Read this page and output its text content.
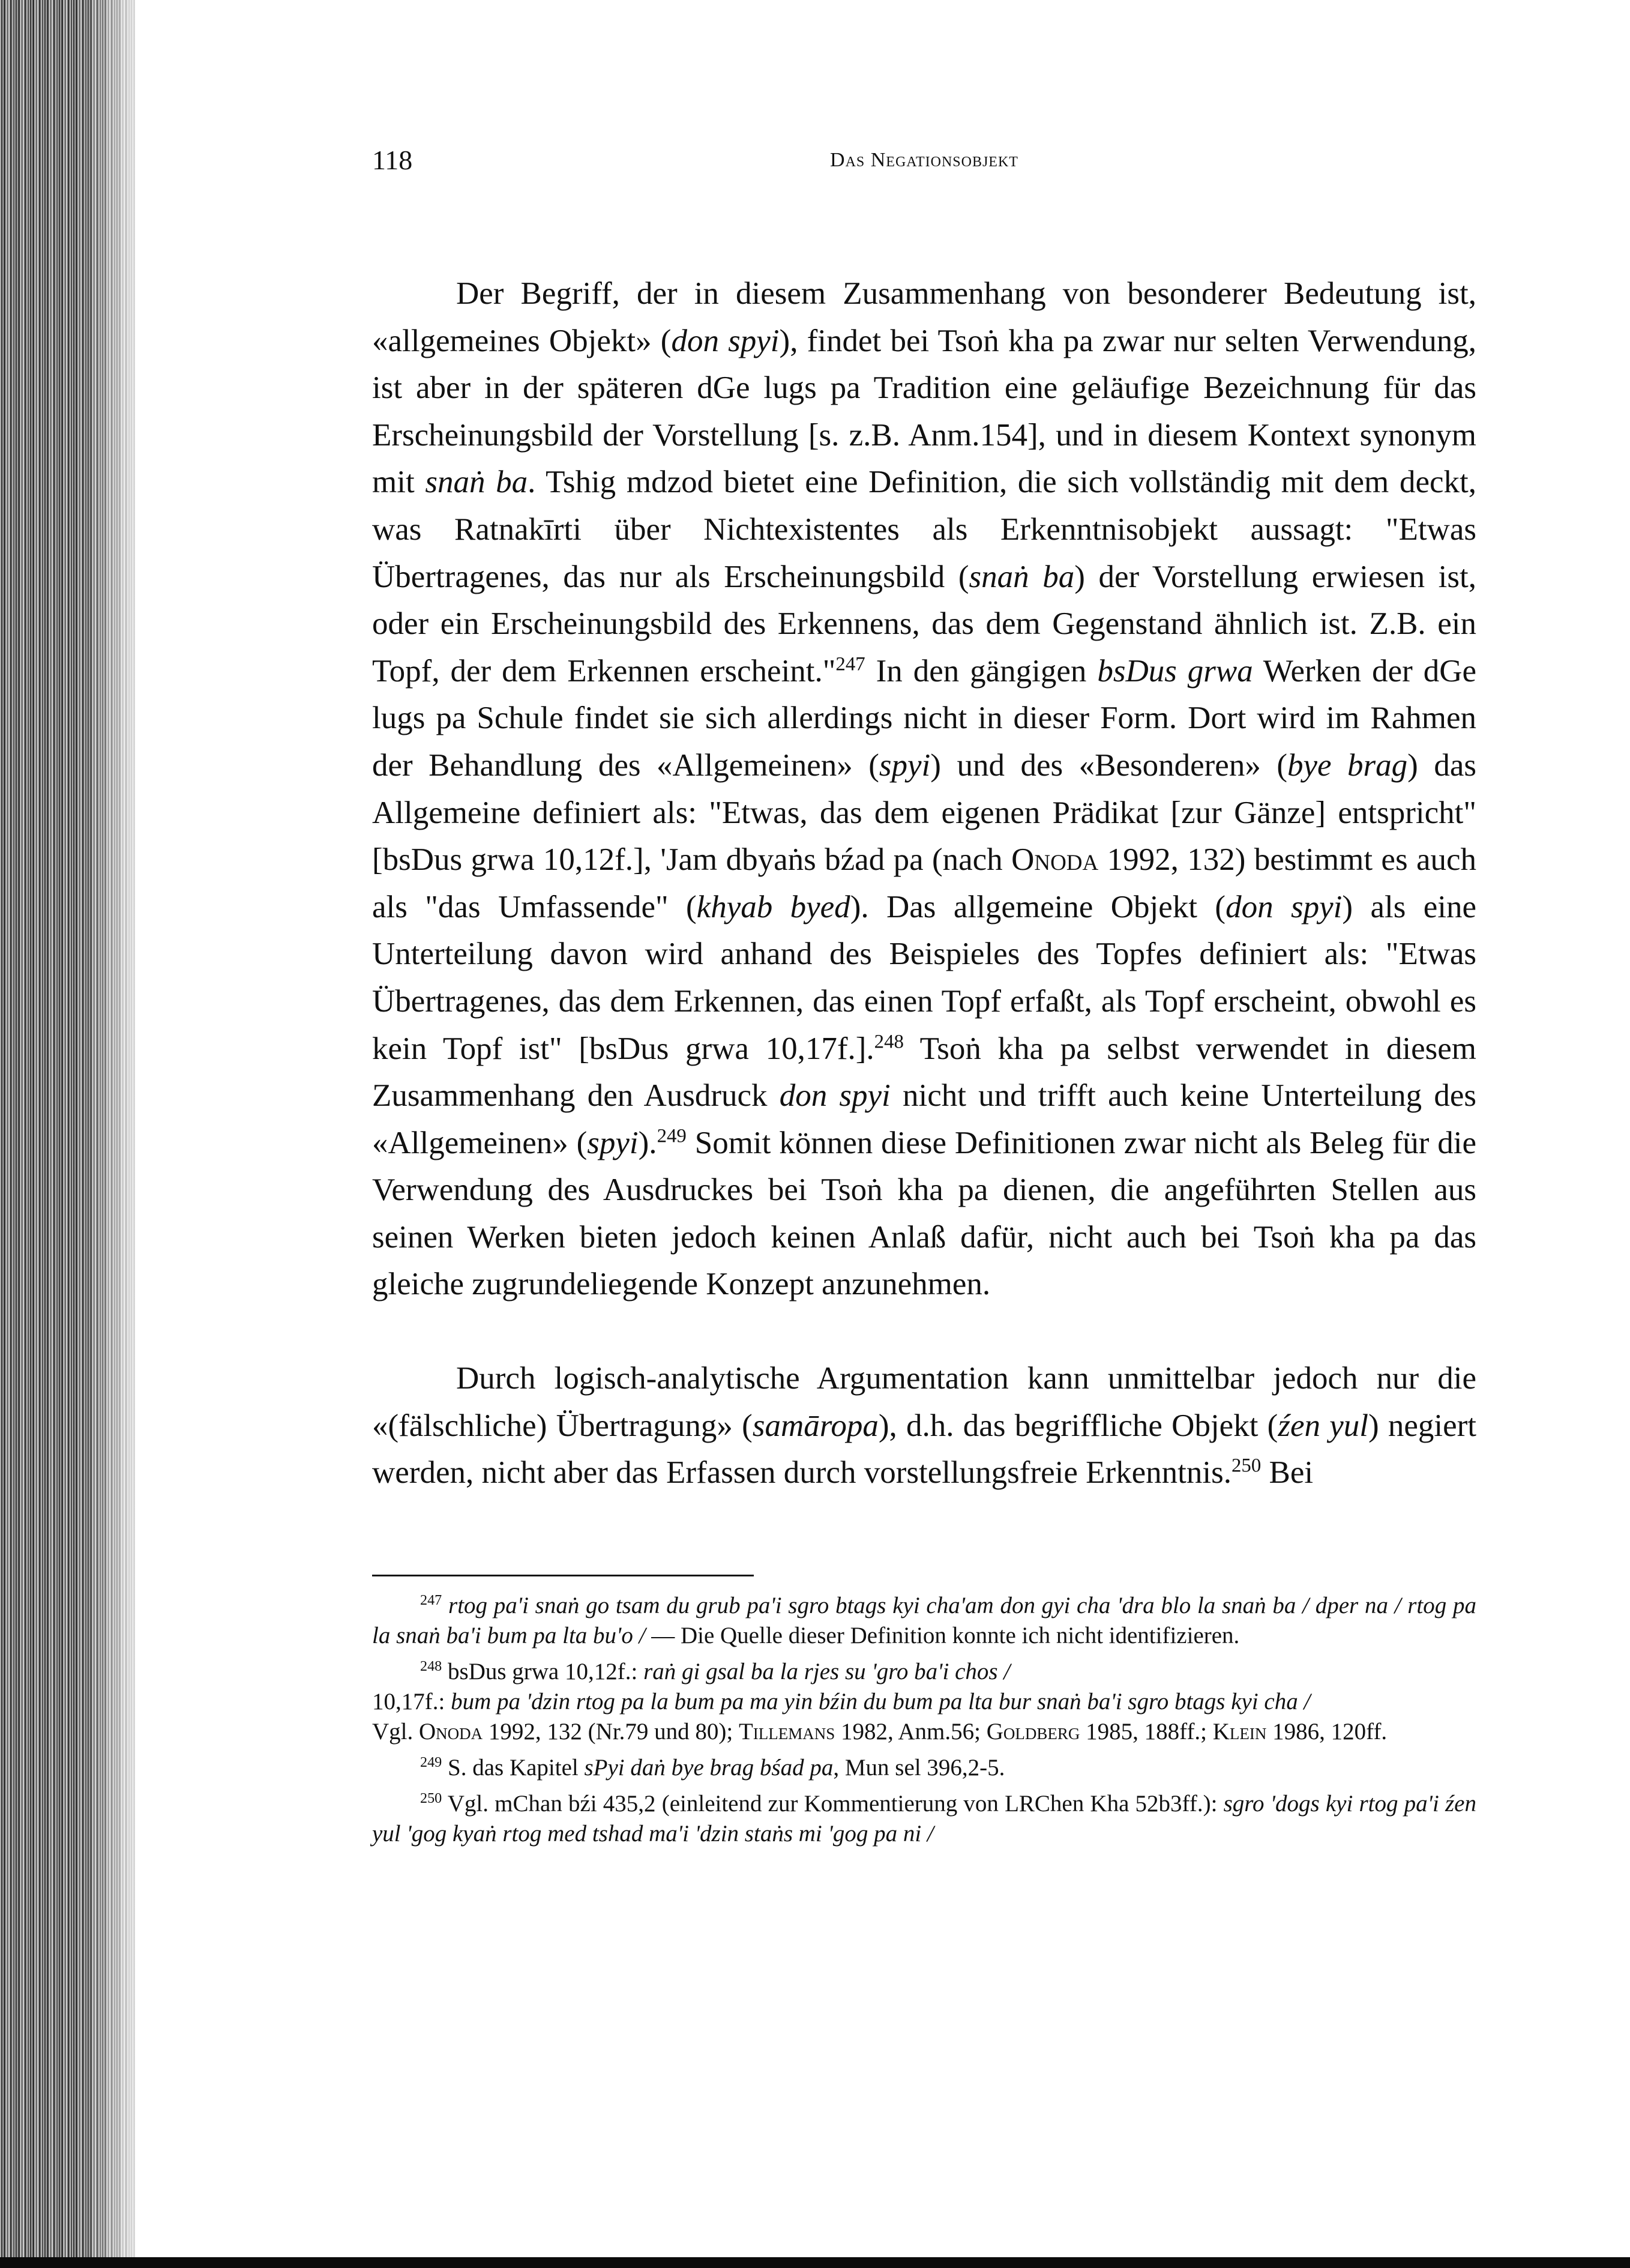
118	Das Negationsobjekt

Der Begriff, der in diesem Zusammenhang von besonderer Bedeutung ist, «allgemeines Objekt» (don spyi), findet bei Tsoṅ kha pa zwar nur selten Verwendung, ist aber in der späteren dGe lugs pa Tradition eine geläufige Bezeichnung für das Erscheinungsbild der Vorstellung [s. z.B. Anm.154], und in diesem Kontext synonym mit snaṅ ba. Tshig mdzod bietet eine Definition, die sich vollständig mit dem deckt, was Ratnakīrti über Nichtexistentes als Erkenntnisobjekt aussagt: "Etwas Übertragenes, das nur als Erscheinungsbild (snaṅ ba) der Vorstellung erwiesen ist, oder ein Erscheinungsbild des Erkennens, das dem Gegenstand ähnlich ist. Z.B. ein Topf, der dem Erkennen erscheint."$^{247}$ In den gängigen bsDus grwa Werken der dGe lugs pa Schule findet sie sich allerdings nicht in dieser Form. Dort wird im Rahmen der Behandlung des «Allgemeinen» (spyi) und des «Besonderen» (bye brag) das Allgemeine definiert als: "Etwas, das dem eigenen Prädikat [zur Gänze] entspricht" [bsDus grwa 10,12f.], 'Jam dbyaṅs bźad pa (nach Onoda 1992, 132) bestimmt es auch als "das Umfassende" (khyab byed). Das allgemeine Objekt (don spyi) als eine Unterteilung davon wird anhand des Beispieles des Topfes definiert als: "Etwas Übertragenes, das dem Erkennen, das einen Topf erfaßt, als Topf erscheint, obwohl es kein Topf ist" [bsDus grwa 10,17f.].$^{248}$ Tsoṅ kha pa selbst verwendet in diesem Zusammenhang den Ausdruck don spyi nicht und trifft auch keine Unterteilung des «Allgemeinen» (spyi).$^{249}$ Somit können diese Definitionen zwar nicht als Beleg für die Verwendung des Ausdruckes bei Tsoṅ kha pa dienen, die angeführten Stellen aus seinen Werken bieten jedoch keinen Anlaß dafür, nicht auch bei Tsoṅ kha pa das gleiche zugrundeliegende Konzept anzunehmen.

Durch logisch-analytische Argumentation kann unmittelbar jedoch nur die «(fälschliche) Übertragung» (samāropa), d.h. das begriffliche Objekt (źen yul) negiert werden, nicht aber das Erfassen durch vorstellungsfreie Erkenntnis.$^{250}$ Bei

$^{247}$ rtog pa'i snaṅ go tsam du grub pa'i sgro btags kyi cha'am don gyi cha 'dra blo la snaṅ ba / dper na / rtog pa la snaṅ ba'i bum pa lta bu'o / — Die Quelle dieser Definition konnte ich nicht identifizieren.

$^{248}$ bsDus grwa 10,12f.: raṅ gi gsal ba la rjes su 'gro ba'i chos /
10,17f.: bum pa 'dzin rtog pa la bum pa ma yin bźin du bum pa lta bur snaṅ ba'i sgro btags kyi cha /
Vgl. Onoda 1992, 132 (Nr.79 und 80); Tillemans 1982, Anm.56; Goldberg 1985, 188ff.; Klein 1986, 120ff.

$^{249}$ S. das Kapitel sPyi daṅ bye brag bśad pa, Mun sel 396,2-5.

$^{250}$ Vgl. mChan bźi 435,2 (einleitend zur Kommentierung von LRChen Kha 52b3ff.): sgro 'dogs kyi rtog pa'i źen yul 'gog kyaṅ rtog med tshad ma'i 'dzin staṅs mi 'gog pa ni /
